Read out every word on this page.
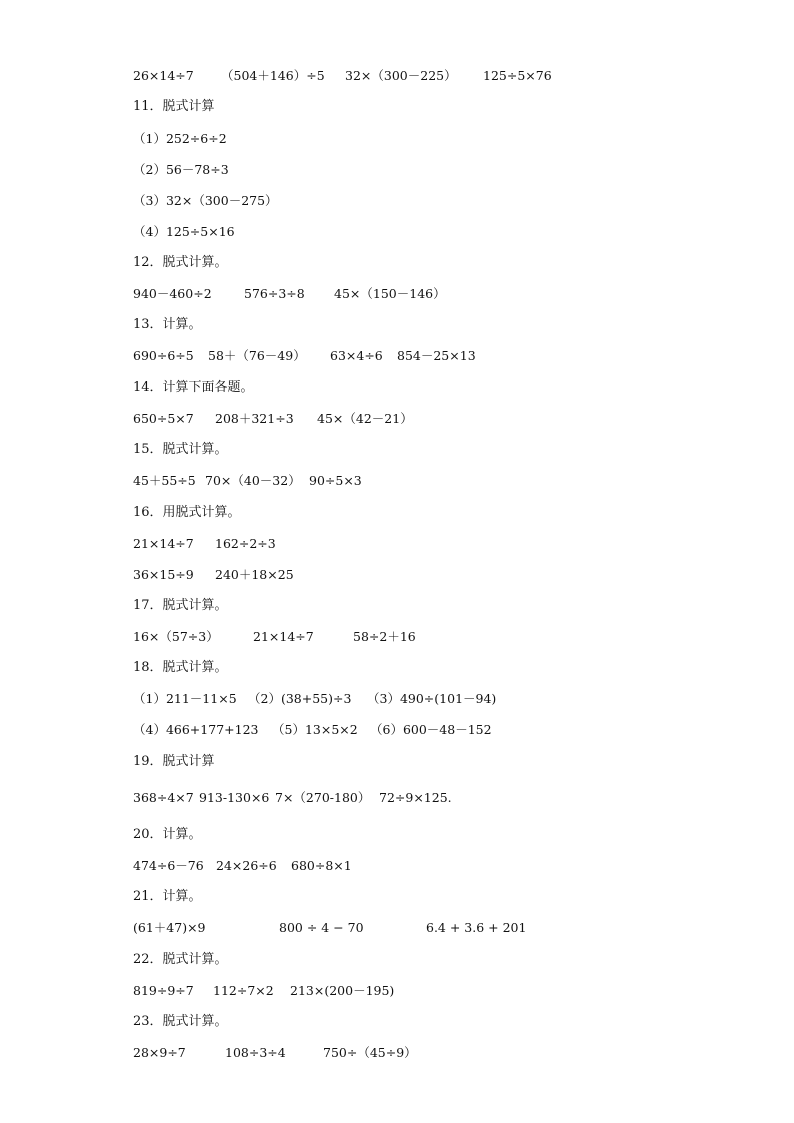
26×14÷7 （504＋146）÷5 32×（300－225） 125÷5×76
11．脱式计算
（1）252÷6÷2
（2）56－78÷3
（3）32×（300－275）
（4）125÷5×16
12．脱式计算。
940－460÷2	576÷3÷8 45×（150－146）
13．计算。
690÷6÷5 58＋（76－49） 63×4÷6 854－25×13
14．计算下面各题。
650÷5×7 208＋321÷3 45×（42－21）
15．脱式计算。
45＋55÷5 70×（40－32） 90÷5×3
16．用脱式计算。
21×14÷7 162÷2÷3
36×15÷9 240＋18×25
17．脱式计算。
16×（57÷3）	21×14÷7	58÷2＋16
18．脱式计算。
（1）211－11×5 （2）(38+55)÷3 （3）490÷(101－94)
（4）466+177+123 （5）13×5×2 （6）600－48－152
19．脱式计算
368÷4×7 913-130×6 7×（270-180） 72÷9×125.
20．计算。
474÷6－76 24×26÷6 680÷8×1
21．计算。
(61＋47)×9	800 ÷ 4 − 70	6.4 + 3.6 + 201
22．脱式计算。
819÷9÷7 112÷7×2 213×(200－195)
23．脱式计算。
28×9÷7	108÷3÷4	750÷（45÷9）
